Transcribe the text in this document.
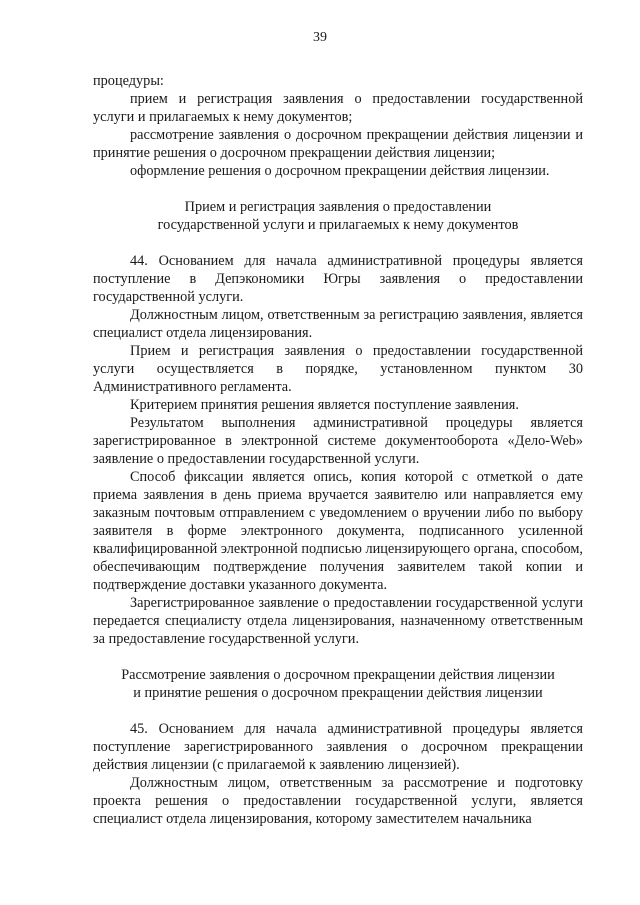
39

процедуры:

прием и регистрация заявления о предоставлении государственной услуги и прилагаемых к нему документов;

рассмотрение заявления о досрочном прекращении действия лицензии и принятие решения о досрочном прекращении действия лицензии;

оформление решения о досрочном прекращении действия лицензии.

Прием и регистрация заявления о предоставлении

государственной услуги и прилагаемых к нему документов

44. Основанием для начала административной процедуры является поступление в Депэкономики Югры заявления о предоставлении государственной услуги.

Должностным лицом, ответственным за регистрацию заявления, является специалист отдела лицензирования.

Прием и регистрация заявления о предоставлении государственной услуги осуществляется в порядке, установленном пунктом 30 Административного регламента.

Критерием принятия решения является поступление заявления.

Результатом выполнения административной процедуры является зарегистрированное в электронной системе документооборота «Дело-Web» заявление о предоставлении государственной услуги.

Способ фиксации является опись, копия которой с отметкой о дате приема заявления в день приема вручается заявителю или направляется ему заказным почтовым отправлением с уведомлением о вручении либо по выбору заявителя в форме электронного документа, подписанного усиленной квалифицированной электронной подписью лицензирующего органа, способом, обеспечивающим подтверждение получения заявителем такой копии и подтверждение доставки указанного документа.

Зарегистрированное заявление о предоставлении государственной услуги передается специалисту отдела лицензирования, назначенному ответственным за предоставление государственной услуги.

Рассмотрение заявления о досрочном прекращении действия лицензии

и принятие решения о досрочном прекращении действия лицензии

45. Основанием для начала административной процедуры является поступление зарегистрированного заявления о досрочном прекращении действия лицензии (с прилагаемой к заявлению лицензией).

Должностным лицом, ответственным за рассмотрение и подготовку проекта решения о предоставлении государственной услуги, является специалист отдела лицензирования, которому заместителем начальника
